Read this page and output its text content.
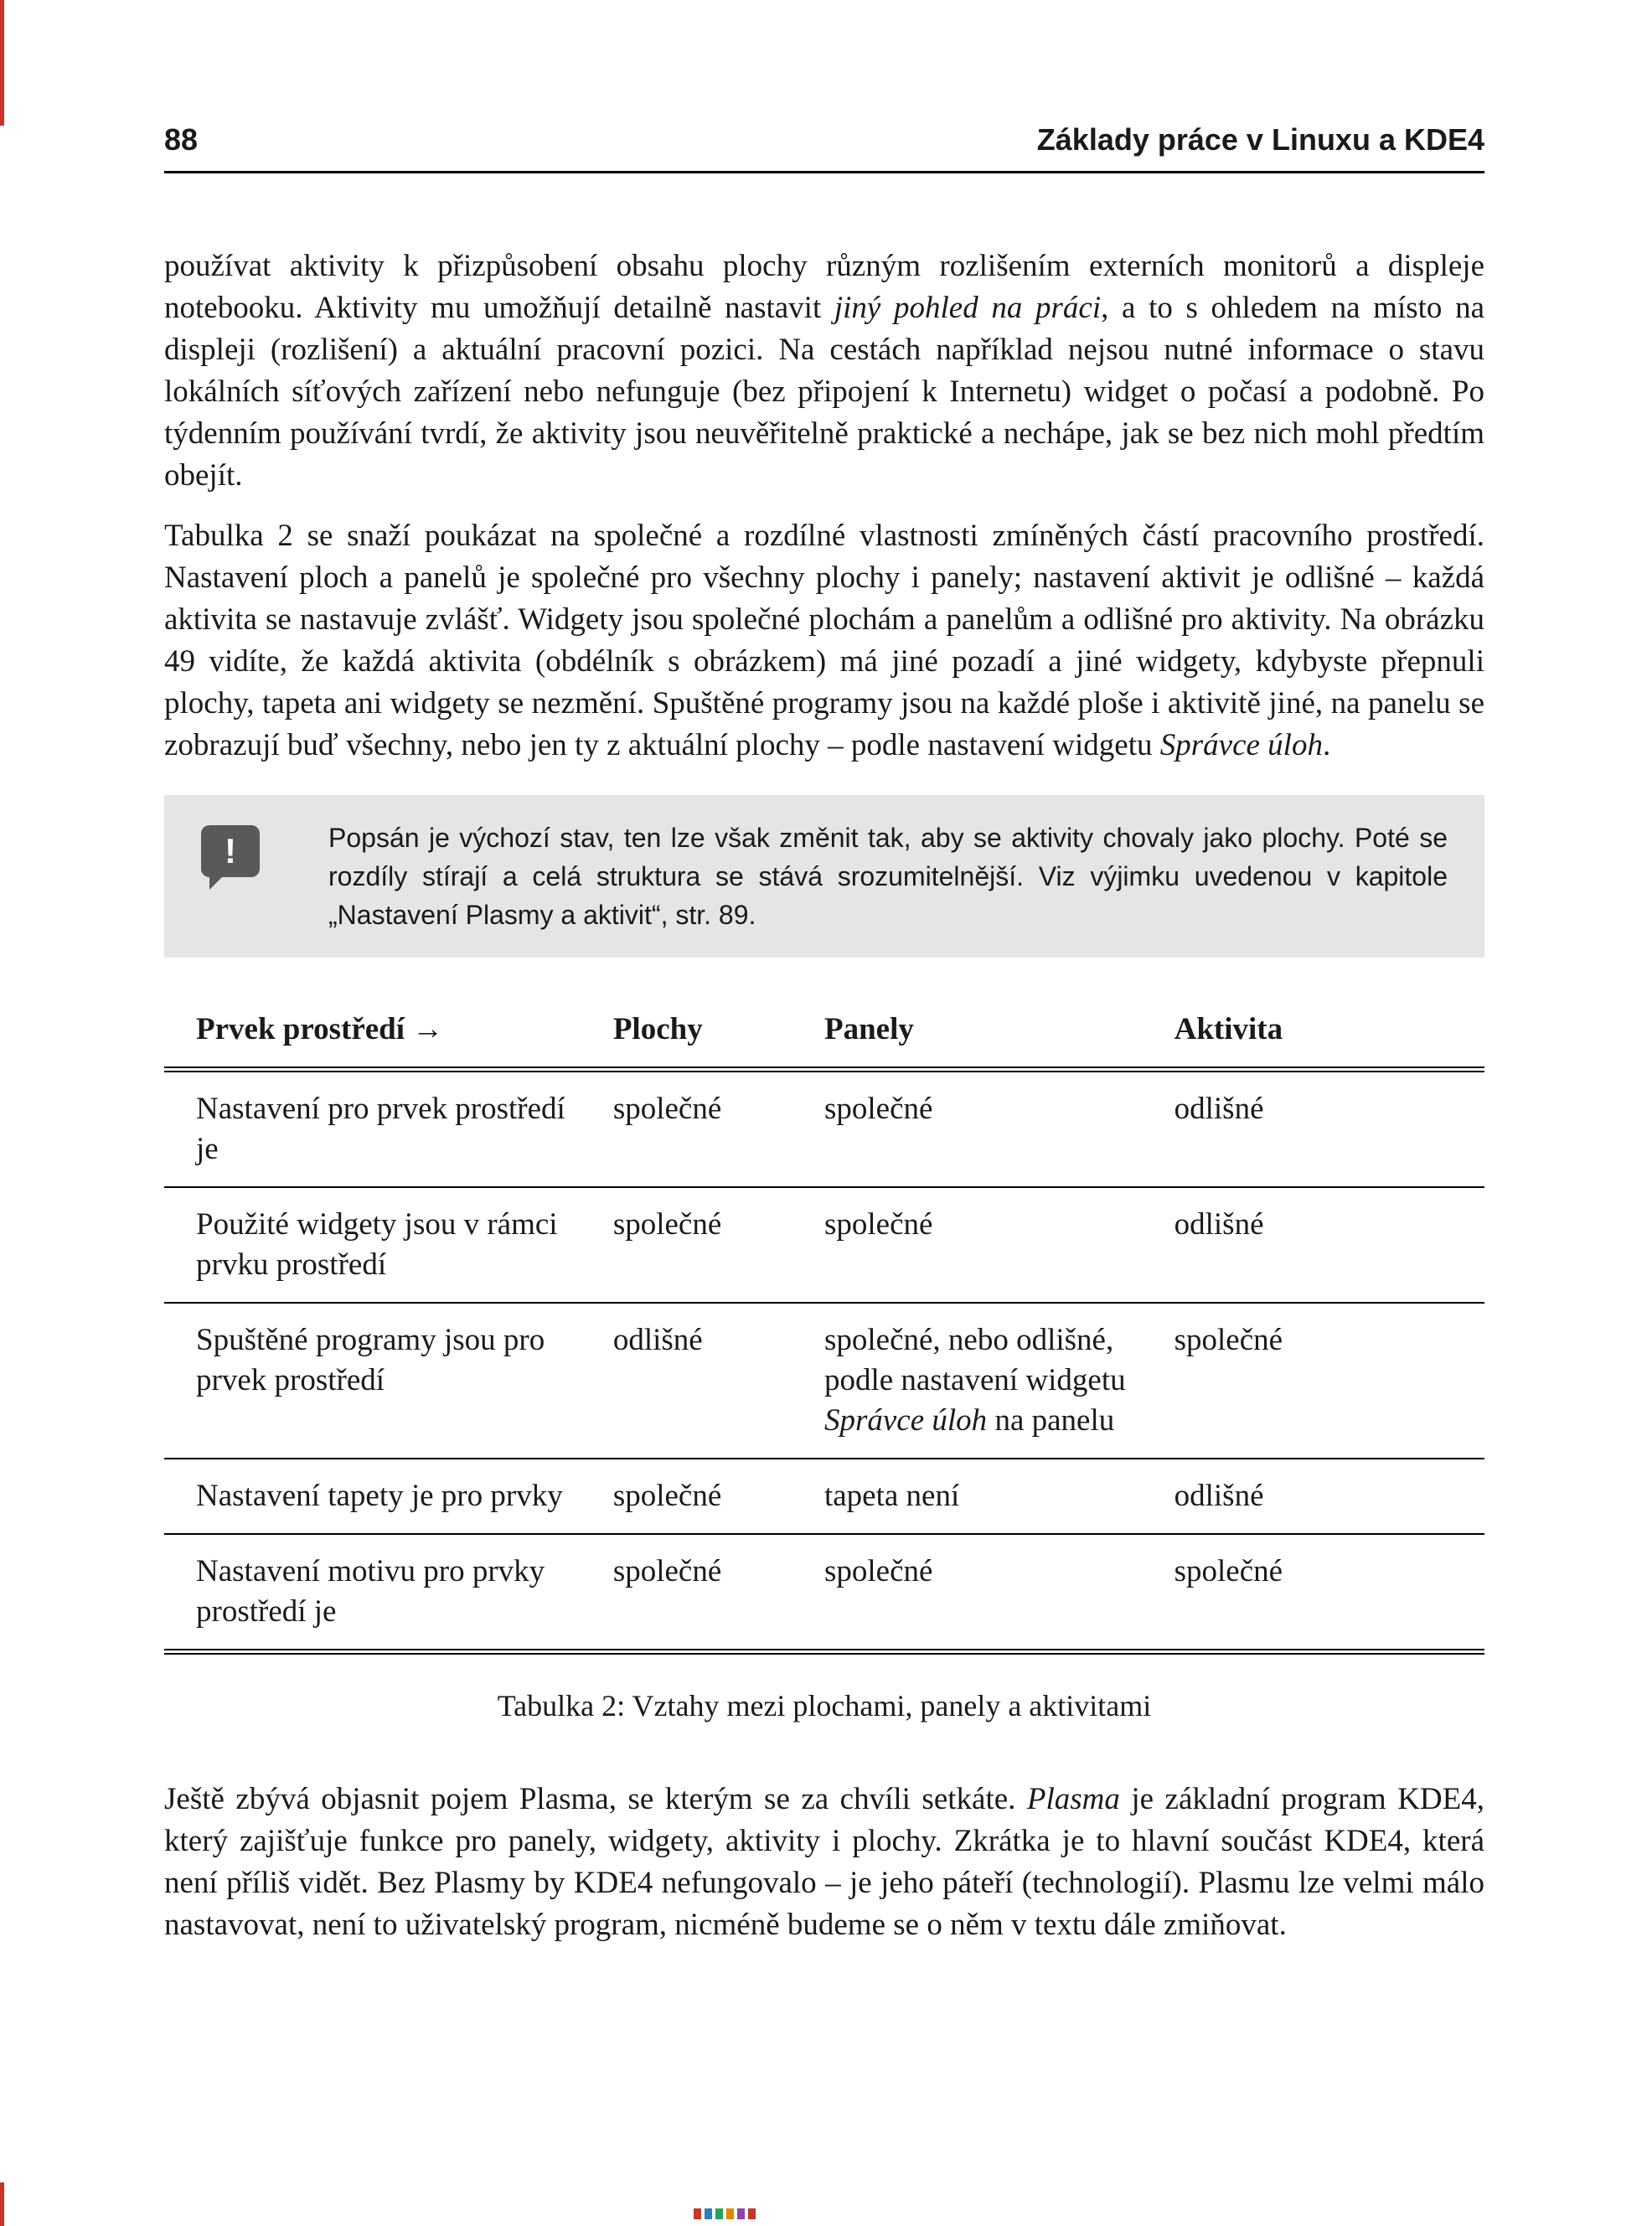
88	Základy práce v Linuxu a KDE4

používat aktivity k přizpůsobení obsahu plochy různým rozlišením externích monitorů a displeje notebooku. Aktivity mu umožňují detailně nastavit jiný pohled na práci, a to s ohledem na místo na displeji (rozlišení) a aktuální pracovní pozici. Na cestách například nejsou nutné informace o stavu lokálních síťových zařízení nebo nefunguje (bez připojení k Internetu) widget o počasí a podobně. Po týdenním používání tvrdí, že aktivity jsou neuvěřitelně praktické a nechápe, jak se bez nich mohl předtím obejít.

Tabulka 2 se snaží poukázat na společné a rozdílné vlastnosti zmíněných částí pracovního prostředí. Nastavení ploch a panelů je společné pro všechny plochy i panely; nastavení aktivit je odlišné – každá aktivita se nastavuje zvlášť. Widgety jsou společné plochám a panelům a odlišné pro aktivity. Na obrázku 49 vidíte, že každá aktivita (obdélník s obrázkem) má jiné pozadí a jiné widgety, kdybyste přepnuli plochy, tapeta ani widgety se nezmění. Spuštěné programy jsou na každé ploše i aktivitě jiné, na panelu se zobrazují buď všechny, nebo jen ty z aktuální plochy – podle nastavení widgetu Správce úloh.

!	Popsán je výchozí stav, ten lze však změnit tak, aby se aktivity chovaly jako plochy. Poté se rozdíly stírají a celá struktura se stává srozumitelnější. Viz výjimku uvedenou v kapitole „Nastavení Plasmy a aktivit“, str. 89.

Prvek prostředí →	Plochy	Panely	Aktivita
Nastavení pro prvek prostředí je	společné	společné	odlišné
Použité widgety jsou v rámci prvku prostředí	společné	společné	odlišné
Spuštěné programy jsou pro prvek prostředí	odlišné	společné, nebo odlišné, podle nastavení widgetu Správce úloh na panelu	společné
Nastavení tapety je pro prvky	společné	tapeta není	odlišné
Nastavení motivu pro prvky prostředí je	společné	společné	společné

Tabulka 2: Vztahy mezi plochami, panely a aktivitami

Ještě zbývá objasnit pojem Plasma, se kterým se za chvíli setkáte. Plasma je základní program KDE4, který zajišťuje funkce pro panely, widgety, aktivity i plochy. Zkrátka je to hlavní součást KDE4, která není příliš vidět. Bez Plasmy by KDE4 nefungovalo – je jeho páteří (technologií). Plasmu lze velmi málo nastavovat, není to uživatelský program, nicméně budeme se o něm v textu dále zmiňovat.
